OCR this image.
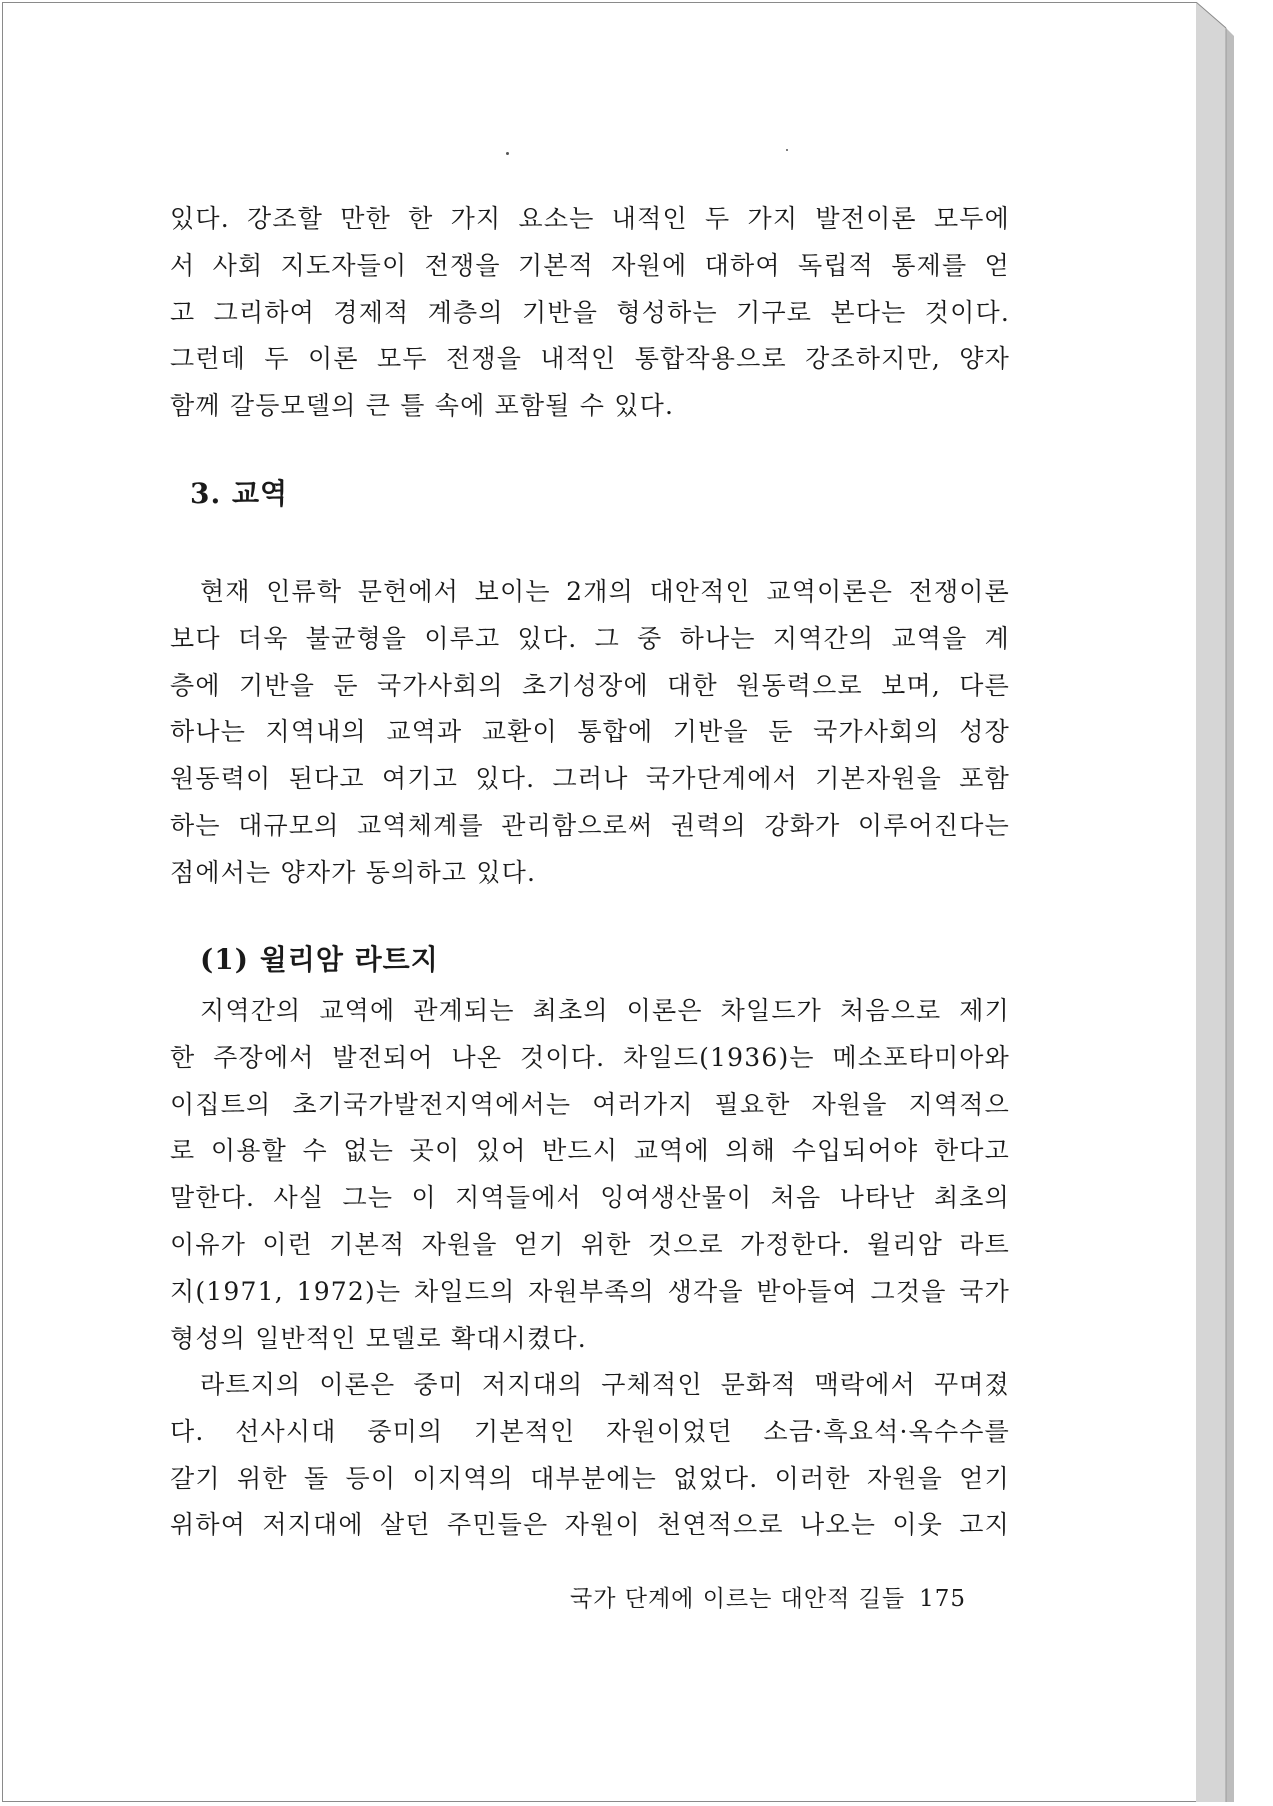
있다. 강조할 만한 한 가지 요소는 내적인 두 가지 발전이론 모두에
서 사회 지도자들이 전쟁을 기본적 자원에 대하여 독립적 통제를 얻
고 그리하여 경제적 계층의 기반을 형성하는 기구로 본다는 것이다.
그런데 두 이론 모두 전쟁을 내적인 통합작용으로 강조하지만, 양자
함께 갈등모델의 큰 틀 속에 포함될 수 있다.
3. 교역
현재 인류학 문헌에서 보이는 2개의 대안적인 교역이론은 전쟁이론
보다 더욱 불균형을 이루고 있다. 그 중 하나는 지역간의 교역을 계
층에 기반을 둔 국가사회의 초기성장에 대한 원동력으로 보며, 다른
하나는 지역내의 교역과 교환이 통합에 기반을 둔 국가사회의 성장
원동력이 된다고 여기고 있다. 그러나 국가단계에서 기본자원을 포함
하는 대규모의 교역체계를 관리함으로써 권력의 강화가 이루어진다는
점에서는 양자가 동의하고 있다.
(1) 윌리암 라트지
지역간의 교역에 관계되는 최초의 이론은 차일드가 처음으로 제기
한 주장에서 발전되어 나온 것이다. 차일드(1936)는 메소포타미아와
이집트의 초기국가발전지역에서는 여러가지 필요한 자원을 지역적으
로 이용할 수 없는 곳이 있어 반드시 교역에 의해 수입되어야 한다고
말한다. 사실 그는 이 지역들에서 잉여생산물이 처음 나타난 최초의
이유가 이런 기본적 자원을 얻기 위한 것으로 가정한다. 윌리암 라트
지(1971, 1972)는 차일드의 자원부족의 생각을 받아들여 그것을 국가
형성의 일반적인 모델로 확대시켰다.
라트지의 이론은 중미 저지대의 구체적인 문화적 맥락에서 꾸며졌
다. 선사시대 중미의 기본적인 자원이었던 소금·흑요석·옥수수를
갈기 위한 돌 등이 이지역의 대부분에는 없었다. 이러한 자원을 얻기
위하여 저지대에 살던 주민들은 자원이 천연적으로 나오는 이웃 고지
국가 단계에 이르는 대안적 길들 175
